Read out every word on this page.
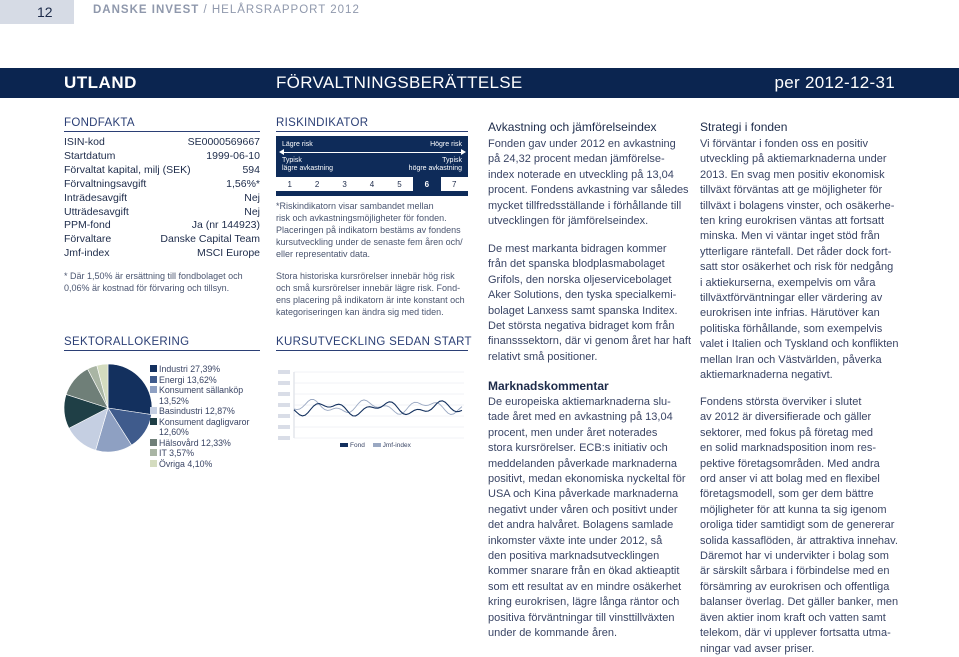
12	DANSKE INVEST / HELÅRSRAPPORT 2012
UTLAND	FÖRVALTNINGSBERÄTTELSE	per 2012-12-31
FONDFAKTA
ISIN-kod	SE0000569667
Startdatum	1999-06-10
Förvaltat kapital, milj (SEK)	594
Förvaltningsavgift	1,56%*
Inträdesavgift	Nej
Utträdesavgift	Nej
PPM-fond	Ja (nr 144923)
Förvaltare	Danske Capital Team
Jmf-index	MSCI Europe
* Där 1,50% är ersättning till fondbolaget och
0,06% är kostnad för förvaring och tillsyn.
SEKTORALLOKERING
Industri 27,39%
Energi 13,62%
Konsument sällanköp 13,52%
Basindustri 12,87%
Konsument dagligvaror 12,60%
Hälsovård 12,33%
IT 3,57%
Övriga 4,10%
RISKINDIKATOR
Lägre risk	Högre risk
Typisk
lägre avkastning
Typisk
högre avkastning
1	2	3	4	5	6	7
*Riskindikatorn visar sambandet mellan
risk och avkastningsmöjligheter för fonden.
Placeringen på indikatorn bestäms av fondens
kursutveckling under de senaste fem åren och/
eller representativ data.
Stora historiska kursrörelser innebär hög risk
och små kursrörelser innebär lägre risk. Fond-
ens placering på indikatorn är inte konstant och
kategoriseringen kan ändra sig med tiden.
KURSUTVECKLING SEDAN START
Fond	Jmf-index
Avkastning och jämförelseindex
Fonden gav under 2012 en avkastning
på 24,32 procent medan jämförelse-
index noterade en utveckling på 13,04
procent. Fondens avkastning var således
mycket tillfredsställande i förhållande till
utvecklingen för jämförelseindex.
De mest markanta bidragen kommer
från det spanska blodplasmabolaget
Grifols, den norska oljeservicebolaget
Aker Solutions, den tyska specialkemi-
bolaget Lanxess samt spanska Inditex.
Det största negativa bidraget kom från
finansssektorn, där vi genom året har haft
relativt små positioner.
Marknadskommentar
De europeiska aktiemarknaderna slu-
tade året med en avkastning på 13,04
procent, men under året noterades
stora kursrörelser. ECB:s initiativ och
meddelanden påverkade marknaderna
positivt, medan ekonomiska nyckeltal för
USA och Kina påverkade marknaderna
negativt under våren och positivt under
det andra halvåret. Bolagens samlade
inkomster växte inte under 2012, så
den positiva marknadsutvecklingen
kommer snarare från en ökad aktieaptit
som ett resultat av en mindre osäkerhet
kring eurokrisen, lägre långa räntor och
positiva förväntningar till vinsttillväxten
under de kommande åren.
Strategi i fonden
Vi förväntar i fonden oss en positiv
utveckling på aktiemarknaderna under
2013. En svag men positiv ekonomisk
tillväxt förväntas att ge möjligheter för
tillväxt i bolagens vinster, och osäkerhe-
ten kring eurokrisen väntas att fortsatt
minska. Men vi väntar inget stöd från
ytterligare räntefall. Det råder dock fort-
satt stor osäkerhet och risk för nedgång
i aktiekurserna, exempelvis om våra
tillväxtförväntningar eller värdering av
eurokrisen inte infrias. Härutöver kan
politiska förhållande, som exempelvis
valet i Italien och Tyskland och konflikten
mellan Iran och Västvärlden, påverka
aktiemarknaderna negativt.
Fondens största överviker i slutet
av 2012 är diversifierade och gäller
sektorer, med fokus på företag med
en solid marknadsposition inom res-
pektive företagsområden. Med andra
ord anser vi att bolag med en flexibel
företagsmodell, som ger dem bättre
möjligheter för att kunna ta sig igenom
oroliga tider samtidigt som de genererar
solida kassaflöden, är attraktiva innehav.
Däremot har vi undervikter i bolag som
är särskilt sårbara i förbindelse med en
försämring av eurokrisen och offentliga
balanser överlag. Det gäller banker, men
även aktier inom kraft och vatten samt
telekom, där vi upplever fortsatta utma-
ningar vad avser priser.
